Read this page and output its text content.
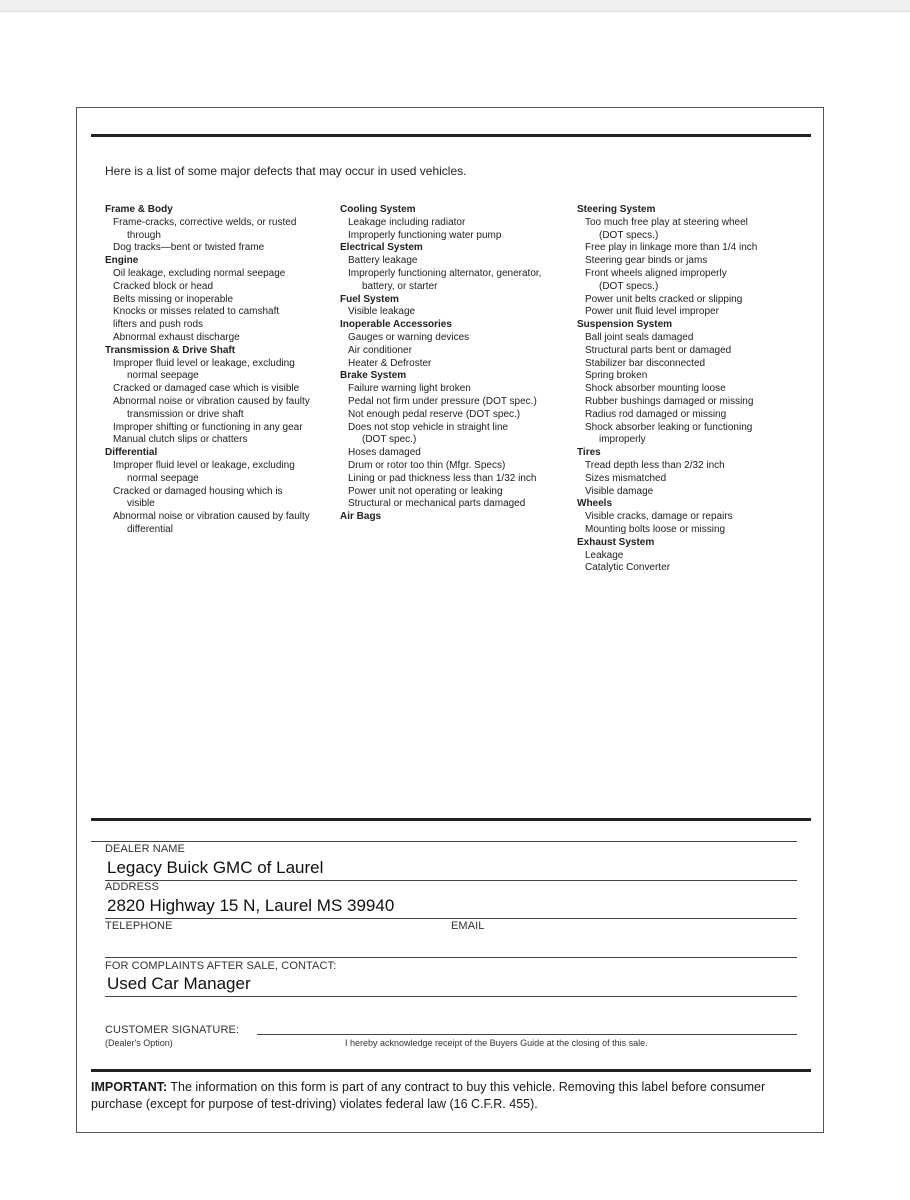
Here is a list of some major defects that may occur in used vehicles.
Frame & Body
Frame-cracks, corrective welds, or rusted
through
Dog tracks—bent or twisted frame
Engine
Oil leakage, excluding normal seepage
Cracked block or head
Belts missing or inoperable
Knocks or misses related to camshaft
lifters and push rods
Abnormal exhaust discharge
Transmission & Drive Shaft
Improper fluid level or leakage, excluding
normal seepage
Cracked or damaged case which is visible
Abnormal noise or vibration caused by faulty
transmission or drive shaft
Improper shifting or functioning in any gear
Manual clutch slips or chatters
Differential
Improper fluid level or leakage, excluding
normal seepage
Cracked or damaged housing which is
visible
Abnormal noise or vibration caused by faulty
differential
Cooling System
Leakage including radiator
Improperly functioning water pump
Electrical System
Battery leakage
Improperly functioning alternator, generator,
battery, or starter
Fuel System
Visible leakage
Inoperable Accessories
Gauges or warning devices
Air conditioner
Heater & Defroster
Brake System
Failure warning light broken
Pedal not firm under pressure (DOT spec.)
Not enough pedal reserve (DOT spec.)
Does not stop vehicle in straight line
(DOT spec.)
Hoses damaged
Drum or rotor too thin (Mfgr. Specs)
Lining or pad thickness less than 1/32 inch
Power unit not operating or leaking
Structural or mechanical parts damaged
Air Bags
Steering System
Too much free play at steering wheel
(DOT specs.)
Free play in linkage more than 1/4 inch
Steering gear binds or jams
Front wheels aligned improperly
(DOT specs.)
Power unit belts cracked or slipping
Power unit fluid level improper
Suspension System
Ball joint seals damaged
Structural parts bent or damaged
Stabilizer bar disconnected
Spring broken
Shock absorber mounting loose
Rubber bushings damaged or missing
Radius rod damaged or missing
Shock absorber leaking or functioning
improperly
Tires
Tread depth less than 2/32 inch
Sizes mismatched
Visible damage
Wheels
Visible cracks, damage or repairs
Mounting bolts loose or missing
Exhaust System
Leakage
Catalytic Converter
DEALER NAME
Legacy Buick GMC of Laurel
ADDRESS
2820 Highway 15 N, Laurel MS 39940
TELEPHONE	EMAIL
FOR COMPLAINTS AFTER SALE, CONTACT:
Used Car Manager
CUSTOMER SIGNATURE:
(Dealer's Option)	I hereby acknowledge receipt of the Buyers Guide at the closing of this sale.
IMPORTANT: The information on this form is part of any contract to buy this vehicle. Removing this label before consumer purchase (except for purpose of test-driving) violates federal law (16 C.F.R. 455).
